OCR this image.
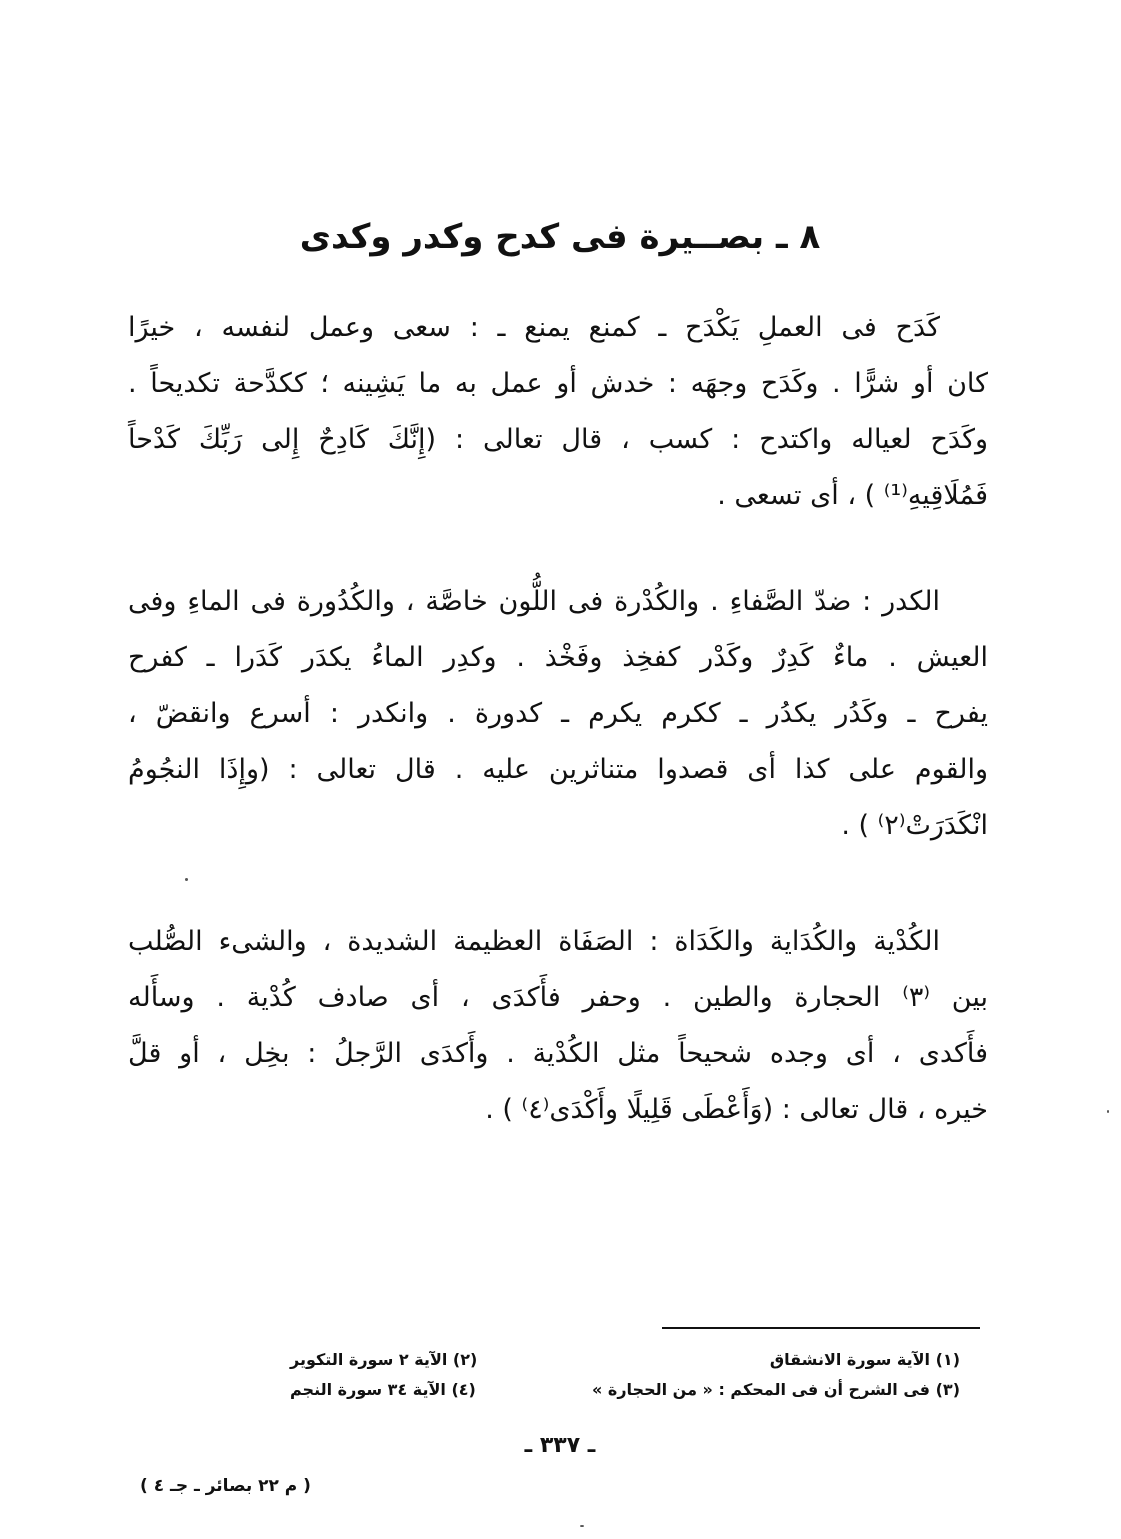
٨ ـ بصــيرة فى كدح وكدر وكدى
كَدَح فى العملِ يَكْدَح ـ كمنع يمنع ـ : سعى وعمل لنفسه ، خيرًا
كان أو شرًّا . وكَدَح وجهَه : خدش أو عمل به ما يَشِينه ؛ ككدَّحة تكديحاً .
وكَدَح لعياله واكتدح : كسب ، قال تعالى : (إِنَّكَ كَادِحٌ إِلى رَبِّكَ كَدْحاً
فَمُلَاقِيهِ⁽¹⁾ ) ، أى تسعى .
الكدر : ضدّ الصَّفاءِ . والكُدْرة فى اللُّون خاصَّة ، والكُدُورة فى الماءِ وفى
العيش . ماءٌ كَدِرٌ وكَدْر كفخِذ وفَخْذ . وكدِر الماءُ يكدَر كَدَرا ـ كفرح
يفرح ـ وكَدُر يكدُر ـ ككرم يكرم ـ كدورة . وانكدر : أسرع وانقضّ ،
والقوم على كذا أى قصدوا متناثرين عليه . قال تعالى : (وإِذَا النجُومُ
انْكَدَرَتْ⁽٢⁾ ) .
الكُدْية والكُدَاية والكَدَاة : الصَفَاة العظيمة الشديدة ، والشىء الصُّلب
بين ⁽٣⁾ الحجارة والطين . وحفر فأَكدَى ، أى صادف كُدْية . وسأَله
فأَكدى ، أى وجده شحيحاً مثل الكُدْية . وأَكدَى الرَّجلُ : بخِل ، أو قلَّ
خيره ، قال تعالى : (وَأَعْطَى قَلِيلًا وأَكْدَى⁽٤⁾ ) .
(١) الآية سورة الانشقاق
(٢) الآية ٢ سورة التكوير
(٣) فى الشرح أن فى المحكم : « من الحجارة »
(٤) الآية ٣٤ سورة النجم
ـ ٣٣٧ ـ
( م ٢٢ بصائر ـ جـ ٤ )
